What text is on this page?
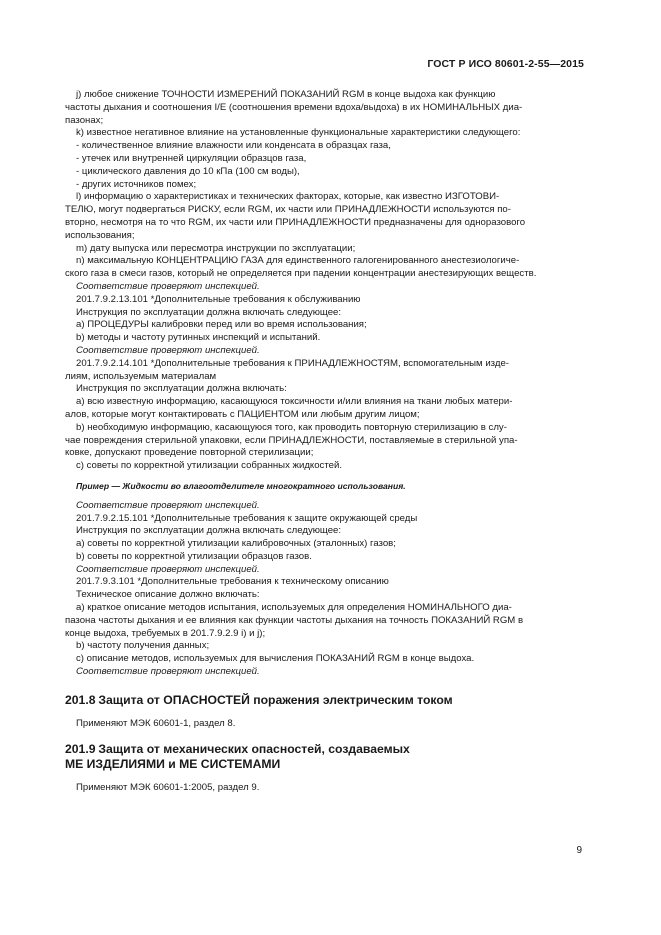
ГОСТ Р ИСО 80601-2-55—2015

j) любое снижение ТОЧНОСТИ ИЗМЕРЕНИЙ ПОКАЗАНИЙ RGM в конце выдоха как функцию

частоты дыхания и соотношения I/E (соотношения времени вдоха/выдоха) в их НОМИНАЛЬНЫХ диа-

пазонах;

k) известное негативное влияние на установленные функциональные характеристики следующего:

- количественное влияние влажности или конденсата в образцах газа,

- утечек или внутренней циркуляции образцов газа,

- циклического давления до 10 кПа (100 см воды),

- других источников помех;

l) информацию о характеристиках и технических факторах, которые, как известно ИЗГОТОВИ-

ТЕЛЮ, могут подвергаться РИСКУ, если RGM, их части или ПРИНАДЛЕЖНОСТИ используются по-

вторно, несмотря на то что RGM, их части или ПРИНАДЛЕЖНОСТИ предназначены для одноразового

использования;

m) дату выпуска или пересмотра инструкции по эксплуатации;

n) максимальную КОНЦЕНТРАЦИЮ ГАЗА для единственного галогенированного анестезиологиче-

ского газа в смеси газов, который не определяется при падении концентрации анестезирующих веществ.

Соответствие проверяют инспекцией.

201.7.9.2.13.101 *Дополнительные требования к обслуживанию

Инструкция по эксплуатации должна включать следующее:

a) ПРОЦЕДУРЫ калибровки перед или во время использования;

b) методы и частоту рутинных инспекций и испытаний.

Соответствие проверяют инспекцией.

201.7.9.2.14.101 *Дополнительные требования к ПРИНАДЛЕЖНОСТЯМ, вспомогательным изде-

лиям, используемым материалам

Инструкция по эксплуатации должна включать:

a) всю известную информацию, касающуюся токсичности и/или влияния на ткани любых матери-

алов, которые могут контактировать с ПАЦИЕНТОМ или любым другим лицом;

b) необходимую информацию, касающуюся того, как проводить повторную стерилизацию в слу-

чае повреждения стерильной упаковки, если ПРИНАДЛЕЖНОСТИ, поставляемые в стерильной упа-

ковке, допускают проведение повторной стерилизации;

c) советы по корректной утилизации собранных жидкостей.

Пример — Жидкости во влагоотделителе многократного использования.

Соответствие проверяют инспекцией.

201.7.9.2.15.101 *Дополнительные требования к защите окружающей среды

Инструкция по эксплуатации должна включать следующее:

a) советы по корректной утилизации калибровочных (эталонных) газов;

b) советы по корректной утилизации образцов газов.

Соответствие проверяют инспекцией.

201.7.9.3.101 *Дополнительные требования к техническому описанию

Техническое описание должно включать:

a) краткое описание методов испытания, используемых для определения НОМИНАЛЬНОГО диа-

пазона частоты дыхания и ее влияния как функции частоты дыхания на точность ПОКАЗАНИЙ RGM в

конце выдоха, требуемых в 201.7.9.2.9 i) и j);

b) частоту получения данных;

c) описание методов, используемых для вычисления ПОКАЗАНИЙ RGM в конце выдоха.

Соответствие проверяют инспекцией.

201.8 Защита от ОПАСНОСТЕЙ поражения электрическим током

Применяют МЭК 60601-1, раздел 8.

201.9 Защита от механических опасностей, создаваемых

МЕ ИЗДЕЛИЯМИ и МЕ СИСТЕМАМИ

Применяют МЭК 60601-1:2005, раздел 9.

9
